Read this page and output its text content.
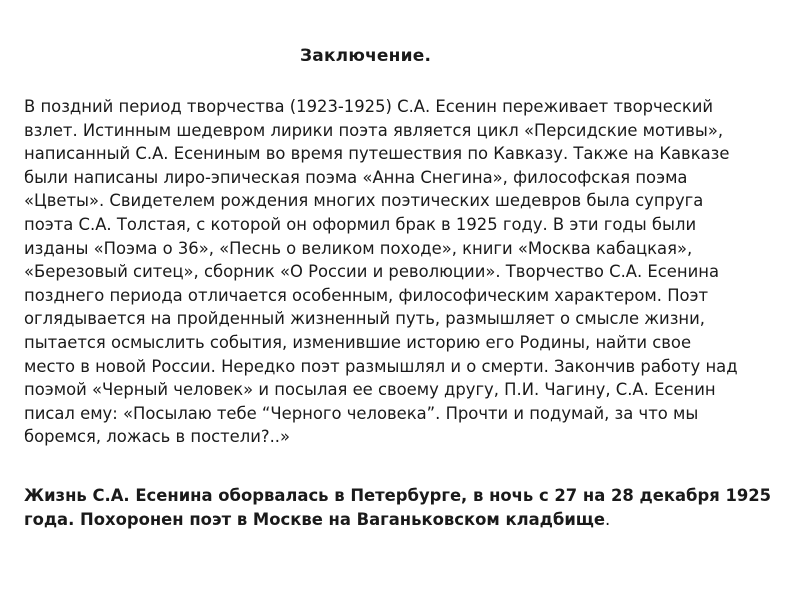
Заключение.
В поздний период творчества (1923-1925) С.А. Есенин переживает творческий
взлет. Истинным шедевром лирики поэта является цикл «Персидские мотивы»,
написанный С.А. Есениным во время путешествия по Кавказу. Также на Кавказе
были написаны лиро-эпическая поэма «Анна Снегина», философская поэма
«Цветы». Свидетелем рождения многих поэтических шедевров была супруга
поэта С.А. Толстая, с которой он оформил брак в 1925 году. В эти годы были
изданы «Поэма о 36», «Песнь о великом походе», книги «Москва кабацкая»,
«Березовый ситец», сборник «О России и революции». Творчество С.А. Есенина
позднего периода отличается особенным, философическим характером. Поэт
оглядывается на пройденный жизненный путь, размышляет о смысле жизни,
пытается осмыслить события, изменившие историю его Родины, найти свое
место в новой России. Нередко поэт размышлял и о смерти. Закончив работу над
поэмой «Черный человек» и посылая ее своему другу, П.И. Чагину, С.А. Есенин
писал ему: «Посылаю тебе “Черного человека”. Прочти и подумай, за что мы
боремся, ложась в постели?..»
Жизнь С.А. Есенина оборвалась в Петербурге, в ночь с 27 на 28 декабря 1925
года. Похоронен поэт в Москве на Ваганьковском кладбище.
